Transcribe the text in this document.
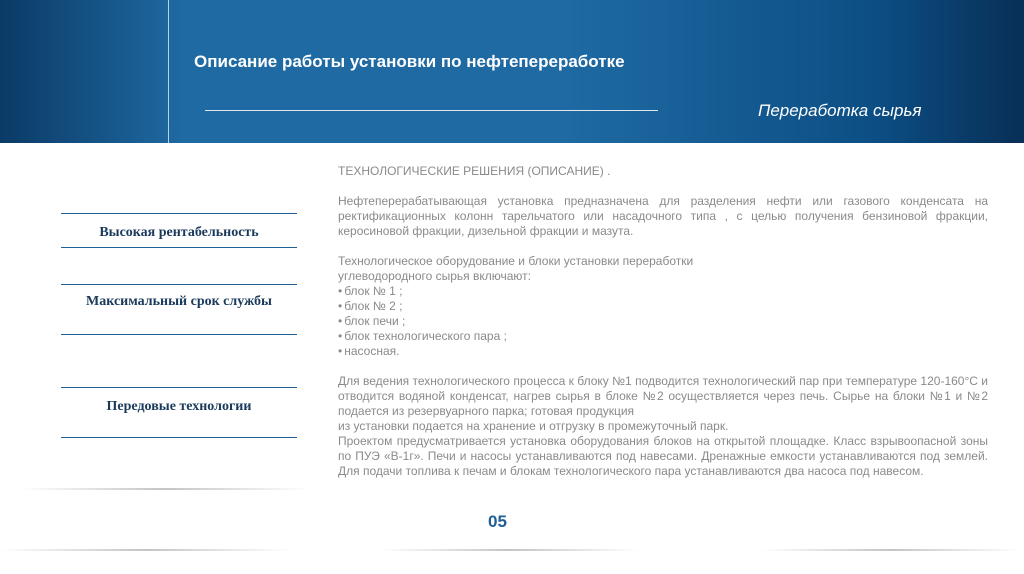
Описание работы установки по нефтепереработке
Переработка сырья
Высокая рентабельность
Максимальный срок службы
Передовые технологии

ТЕХНОЛОГИЧЕСКИЕ РЕШЕНИЯ (ОПИСАНИЕ) .

Нефтеперерабатывающая установка предназначена для разделения нефти или газового конденсата на ректификационных колонн тарельчатого или насадочного типа , с целью получения бензиновой фракции, керосиновой фракции, дизельной фракции и мазута.

Технологическое оборудование и блоки установки переработки

углеводородного сырья включают:

• блок № 1 ;
• блок № 2 ;
• блок печи ;
• блок технологического пара ;
• насосная.

Для ведения технологического процесса к блоку №1 подводится технологический пар при температуре 120-160°С и отводится водяной конденсат, нагрев сырья в блоке №2 осуществляется через печь. Сырье на блоки №1 и №2 подается из резервуарного парка; готовая продукция

из установки подается на хранение и отгрузку в промежуточный парк.

Проектом предусматривается установка оборудования блоков на открытой площадке. Класс взрывоопасной зоны по ПУЭ «В-1г». Печи и насосы устанавливаются под навесами. Дренажные емкости устанавливаются под землей. Для подачи топлива к печам и блокам технологического пара устанавливаются два насоса под навесом.

05
